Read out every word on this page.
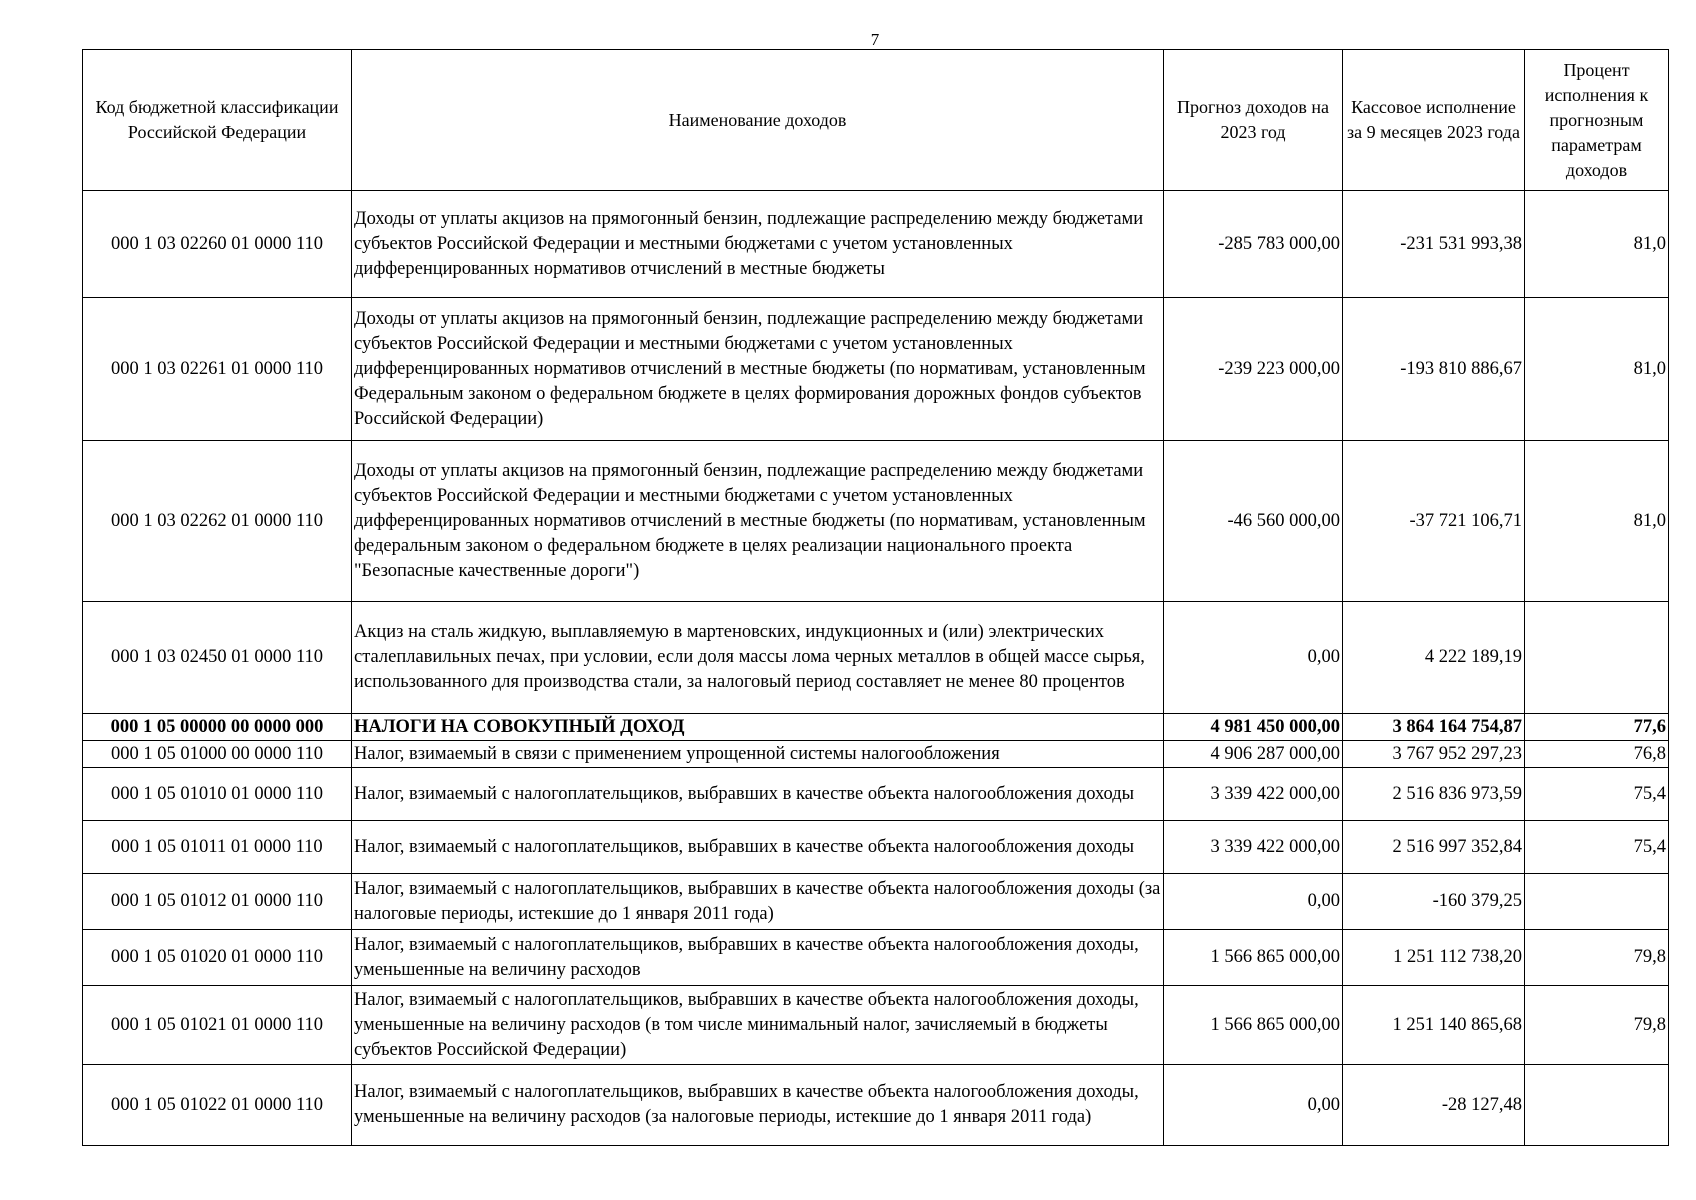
7
Код бюджетной классификации Российской Федерации	Наименование доходов	Прогноз доходов на 2023 год	Кассовое исполнение за 9 месяцев 2023 года	Процент исполнения к прогнозным параметрам доходов
000 1 03 02260 01 0000 110	Доходы от уплаты акцизов на прямогонный бензин, подлежащие распределению между бюджетами субъектов Российской Федерации и местными бюджетами с учетом установленных дифференцированных нормативов отчислений в местные бюджеты	-285 783 000,00	-231 531 993,38	81,0
000 1 03 02261 01 0000 110	Доходы от уплаты акцизов на прямогонный бензин, подлежащие распределению между бюджетами субъектов Российской Федерации и местными бюджетами с учетом установленных дифференцированных нормативов отчислений в местные бюджеты (по нормативам, установленным Федеральным законом о федеральном бюджете в целях формирования дорожных фондов субъектов Российской Федерации)	-239 223 000,00	-193 810 886,67	81,0
000 1 03 02262 01 0000 110	Доходы от уплаты акцизов на прямогонный бензин, подлежащие распределению между бюджетами субъектов Российской Федерации и местными бюджетами с учетом установленных дифференцированных нормативов отчислений в местные бюджеты (по нормативам, установленным федеральным законом о федеральном бюджете в целях реализации национального проекта "Безопасные качественные дороги")	-46 560 000,00	-37 721 106,71	81,0
000 1 03 02450 01 0000 110	Акциз на сталь жидкую, выплавляемую в мартеновских, индукционных и (или) электрических сталеплавильных печах, при условии, если доля массы лома черных металлов в общей массе сырья, использованного для производства стали, за налоговый период составляет не менее 80 процентов	0,00	4 222 189,19	
000 1 05 00000 00 0000 000	НАЛОГИ НА СОВОКУПНЫЙ ДОХОД	4 981 450 000,00	3 864 164 754,87	77,6
000 1 05 01000 00 0000 110	Налог, взимаемый в связи с применением упрощенной системы налогообложения	4 906 287 000,00	3 767 952 297,23	76,8
000 1 05 01010 01 0000 110	Налог, взимаемый с налогоплательщиков, выбравших в качестве объекта налогообложения доходы	3 339 422 000,00	2 516 836 973,59	75,4
000 1 05 01011 01 0000 110	Налог, взимаемый с налогоплательщиков, выбравших в качестве объекта налогообложения доходы	3 339 422 000,00	2 516 997 352,84	75,4
000 1 05 01012 01 0000 110	Налог, взимаемый с налогоплательщиков, выбравших в качестве объекта налогообложения доходы (за налоговые периоды, истекшие до 1 января 2011 года)	0,00	-160 379,25	
000 1 05 01020 01 0000 110	Налог, взимаемый с налогоплательщиков, выбравших в качестве объекта налогообложения доходы, уменьшенные на величину расходов	1 566 865 000,00	1 251 112 738,20	79,8
000 1 05 01021 01 0000 110	Налог, взимаемый с налогоплательщиков, выбравших в качестве объекта налогообложения доходы, уменьшенные на величину расходов (в том числе минимальный налог, зачисляемый в бюджеты субъектов Российской Федерации)	1 566 865 000,00	1 251 140 865,68	79,8
000 1 05 01022 01 0000 110	Налог, взимаемый с налогоплательщиков, выбравших в качестве объекта налогообложения доходы, уменьшенные на величину расходов (за налоговые периоды, истекшие до 1 января 2011 года)	0,00	-28 127,48	
